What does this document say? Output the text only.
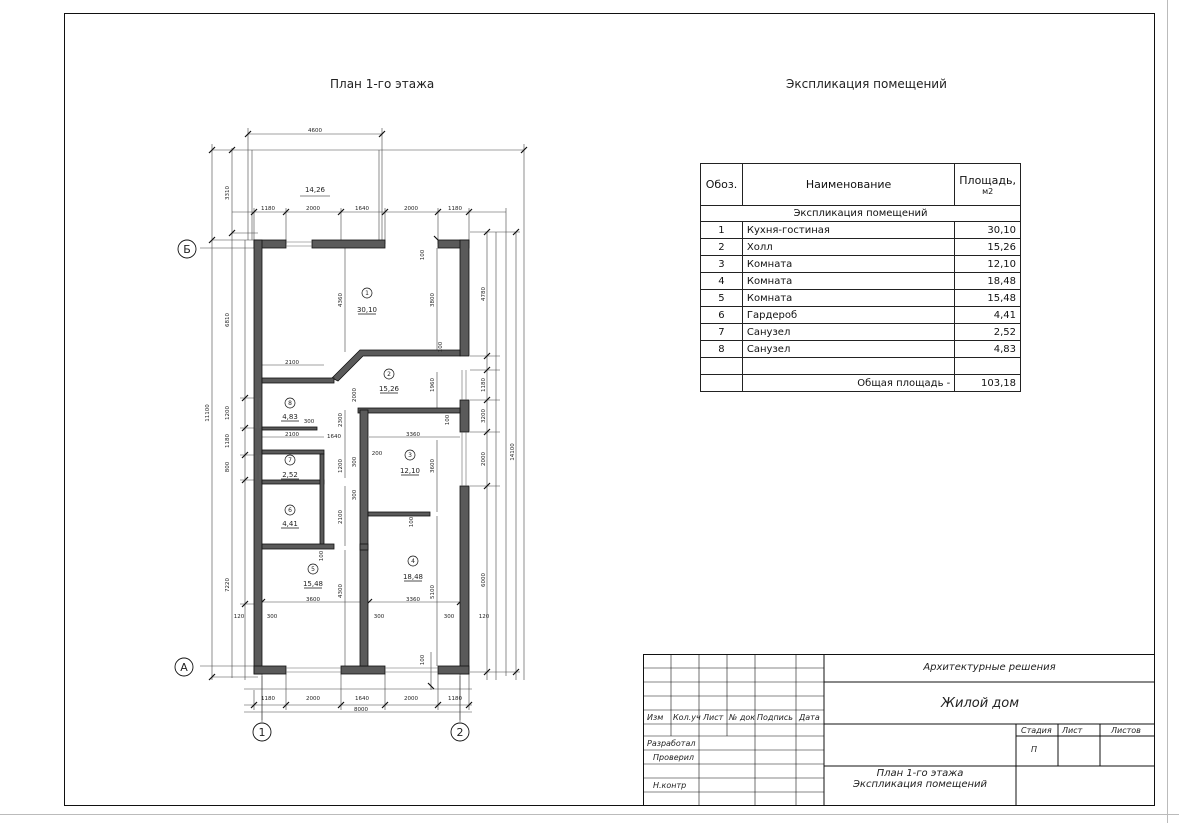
План 1-го этажа	Экспликация помещений
Б
А
1	2
1
2
3
4
5
6
7
8
30,10
15,26
12,10
18,48
15,48
4,41
2,52
4,83
14,26
4600
1180	2000	1640	2000	1180
1180	2000	1640	2000	1180
8000
2100
2100	3360
3600	3360
300
1640
300	300	300
120	120
200
3310
6810
11100	1200
1180
800
7220
4780
1180
3200
14100
2000
6000
4360	3800
1960
3600
5100
2300
1200
2100
4300
2000
100
100
100
100
100
300
300
100
Обоз.	Наименование	Площадь,
м2

Экспликация помещений		
1	Кухня-гостиная	30,10
2	Холл	15,26
3	Комната	12,10
4	Комната	18,48
5	Комната	15,48
6	Гардероб	4,41
7	Санузел	2,52
8	Санузел	4,83

	Общая площадь -	103,18
Изм Кол.уч Лист № док Подпись Дата
Разработал
Проверил
Н.контр
Архитектурные решения
Жилой дом
Стадия Лист	Листов
П
План 1-го этажа
Экспликация помещений
